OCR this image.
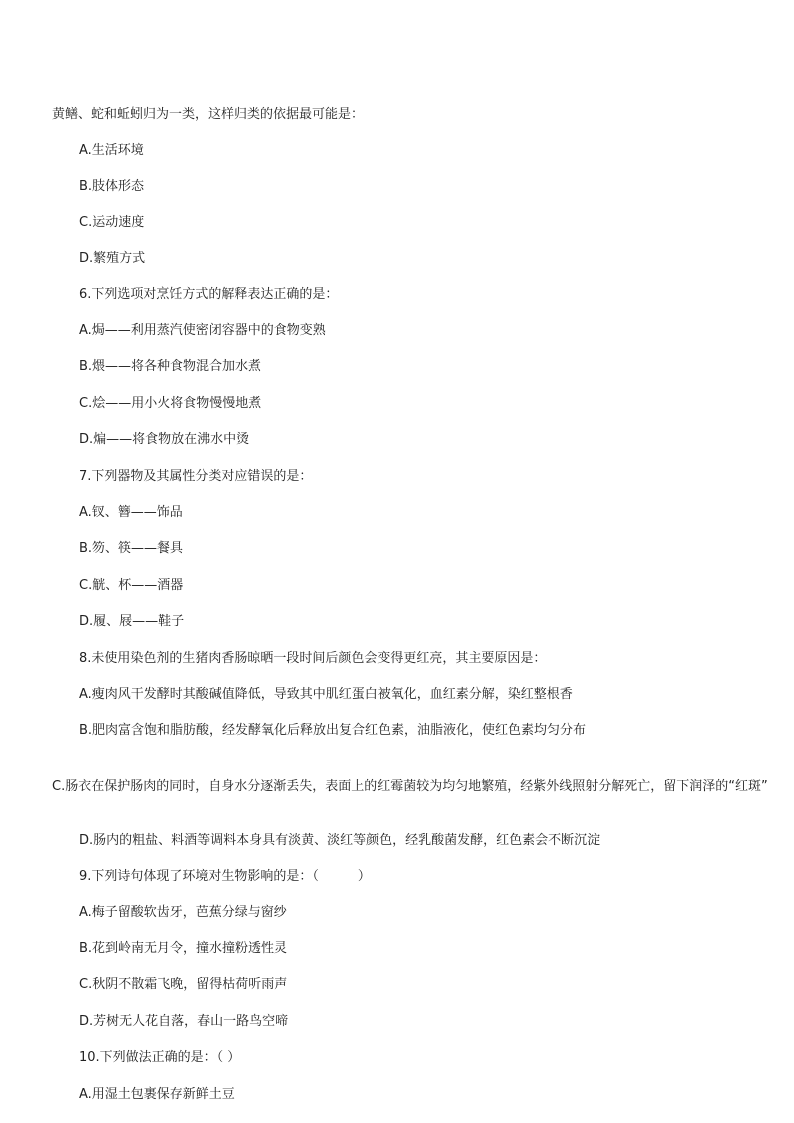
黄鳝、蛇和蚯蚓归为一类，这样归类的依据最可能是：
A.生活环境
B.肢体形态
C.运动速度
D.繁殖方式
6.下列选项对烹饪方式的解释表达正确的是：
A.焗——利用蒸汽使密闭容器中的食物变熟
B.煨——将各种食物混合加水煮
C.烩——用小火将食物慢慢地煮
D.煸——将食物放在沸水中烫
7.下列器物及其属性分类对应错误的是：
A.钗、簪——饰品
B.笏、筷——餐具
C.觥、杯——酒器
D.履、屐——鞋子
8.未使用染色剂的生猪肉香肠晾晒一段时间后颜色会变得更红亮，其主要原因是：
A.瘦肉风干发酵时其酸碱值降低，导致其中肌红蛋白被氧化，血红素分解，染红整根香
B.肥肉富含饱和脂肪酸，经发酵氧化后释放出复合红色素，油脂液化，使红色素均匀分布
C.肠衣在保护肠肉的同时，自身水分逐渐丢失，表面上的红霉菌较为均匀地繁殖，经紫外线照射分解死亡，留下润泽的“红斑”
D.肠内的粗盐、料酒等调料本身具有淡黄、淡红等颜色，经乳酸菌发酵，红色素会不断沉淀
9.下列诗句体现了环境对生物影响的是：（　　　）
A.梅子留酸软齿牙，芭蕉分绿与窗纱
B.花到岭南无月令，撞水撞粉透性灵
C.秋阴不散霜飞晚，留得枯荷听雨声
D.芳树无人花自落，春山一路鸟空啼
10.下列做法正确的是：（ ）
A.用湿土包裹保存新鲜土豆
